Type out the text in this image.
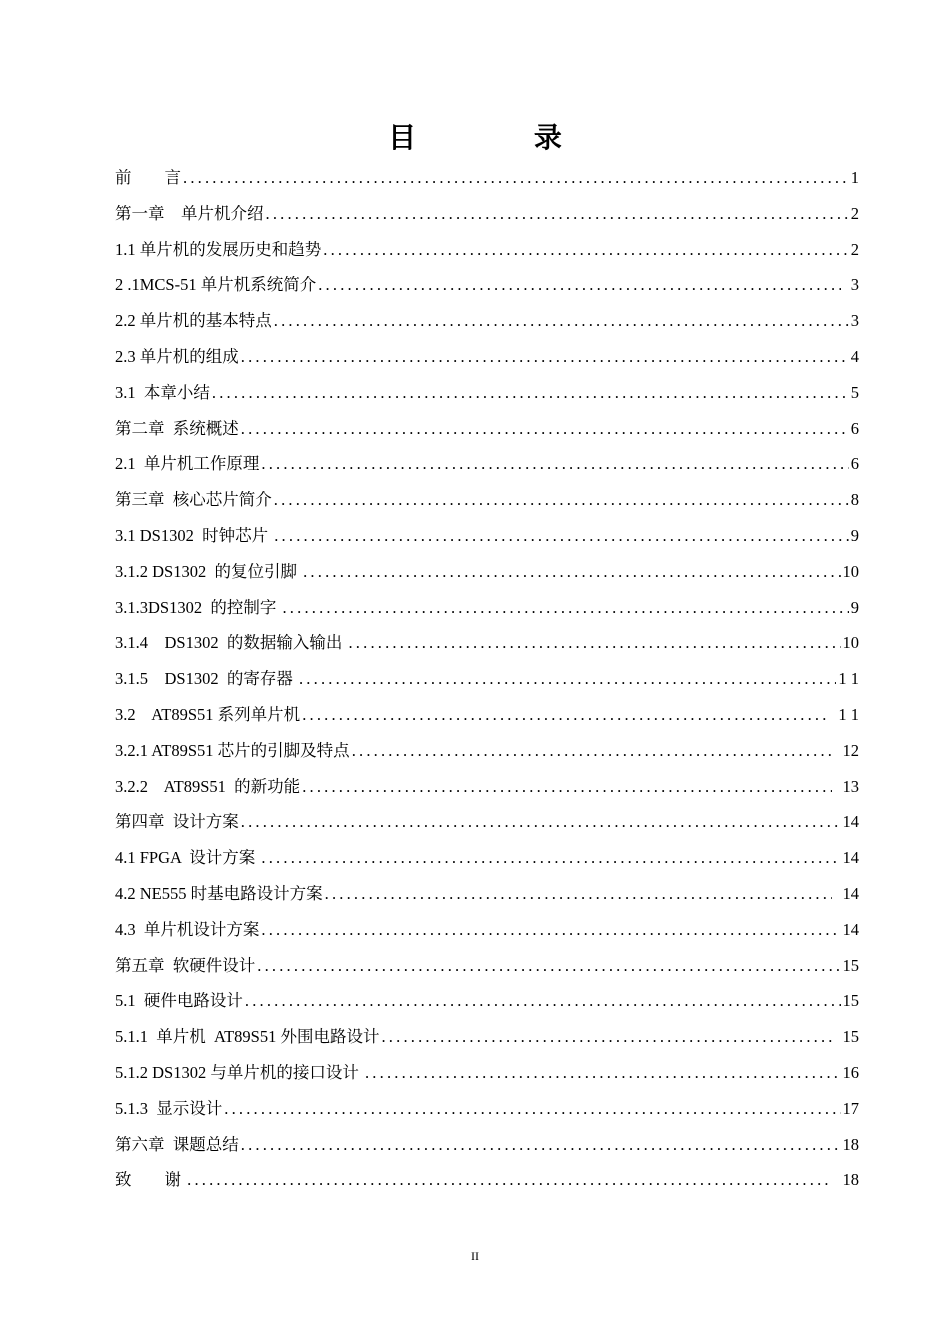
目 录
前        言 .....	1
第一章    单片机介绍 .....	2
1.1 单片机的发展历史和趋势 .....	2
2 .1MCS-51 单片机系统简介 .....	3
2.2 单片机的基本特点 .....	3
2.3 单片机的组成 .....	4
3.1  本章小结 .....	5
第二章  系统概述 .....	6
2.1  单片机工作原理 .....	6
第三章  核心芯片简介 .....	8
3.1 DS1302  时钟芯片 .....	9
3.1.2 DS1302  的复位引脚 .....	10
3.1.3DS1302  的控制字 .....	9
3.1.4    DS1302  的数据输入输出 .....	10
3.1.5    DS1302  的寄存器 .....	1 1
3.2    AT89S51 系列单片机 .....	1 1
3.2.1 AT89S51 芯片的引脚及特点 .....	12
3.2.2    AT89S51  的新功能 .....	13
第四章  设计方案 .....	14
4.1 FPGA  设计方案 .....	14
4.2 NE555 时基电路设计方案 .....	14
4.3  单片机设计方案 .....	14
第五章  软硬件设计 .....	15
5.1  硬件电路设计 .....	15
5.1.1  单片机  AT89S51 外围电路设计 .....	15
5.1.2 DS1302 与单片机的接口设计 .....	16
5.1.3  显示设计 .....	17
第六章  课题总结 .....	18
致        谢 .....	18
II
